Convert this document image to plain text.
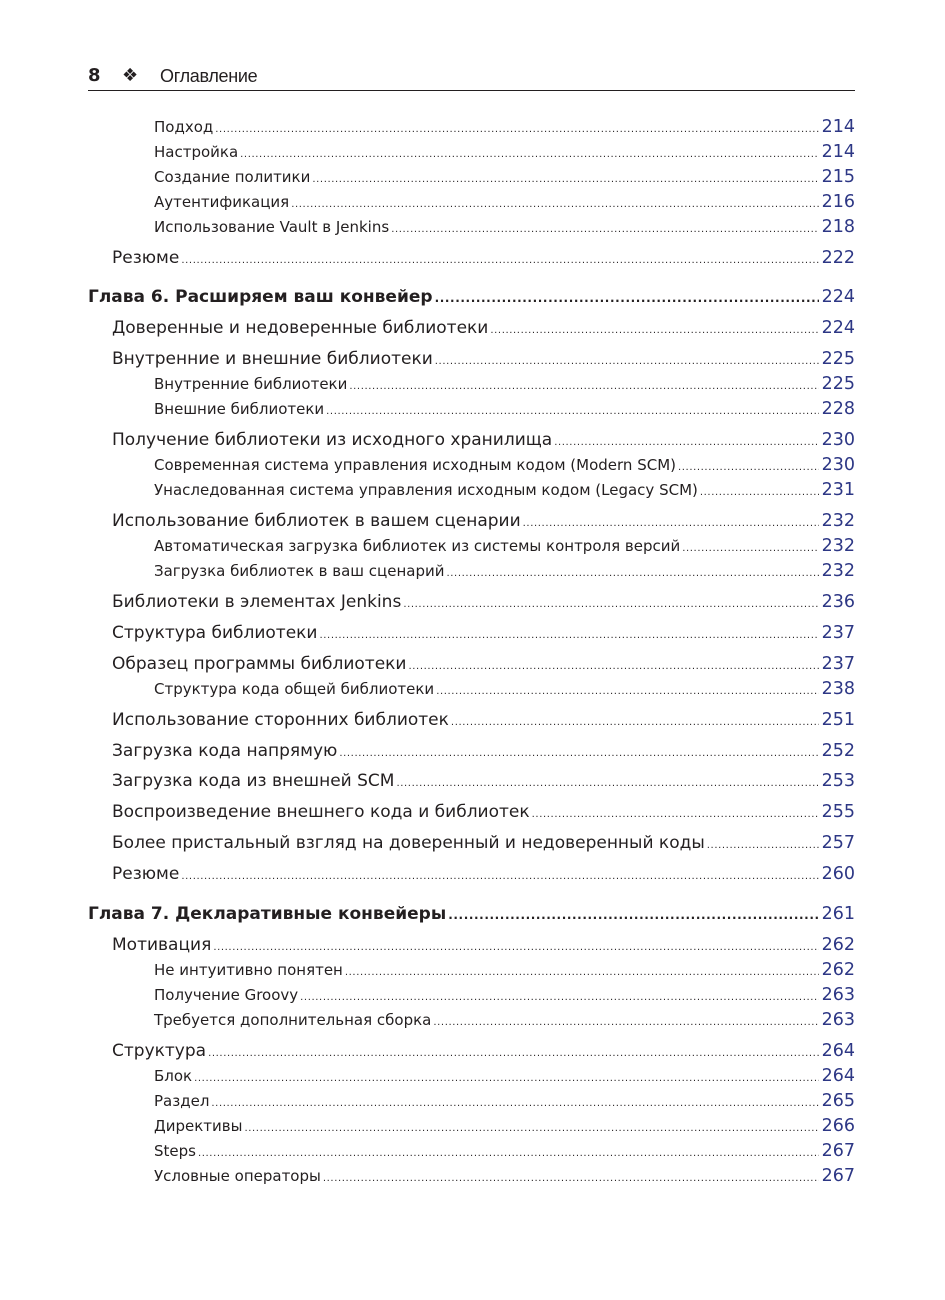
8 ❖ Оглавление
Подход .....	214
Настройка .....	214
Создание политики .....	215
Аутентификация .....	216
Использование Vault в Jenkins .....	218
Резюме .....	222
Глава 6. Расширяем ваш конвейер .....	224
Доверенные и недоверенные библиотеки .....	224
Внутренние и внешние библиотеки .....	225
Внутренние библиотеки .....	225
Внешние библиотеки .....	228
Получение библиотеки из исходного хранилища .....	230
Современная система управления исходным кодом (Modern SCM) .....	230
Унаследованная система управления исходным кодом (Legacy SCM) .....	231
Использование библиотек в вашем сценарии .....	232
Автоматическая загрузка библиотек из системы контроля версий .....	232
Загрузка библиотек в ваш сценарий .....	232
Библиотеки в элементах Jenkins .....	236
Структура библиотеки .....	237
Образец программы библиотеки .....	237
Структура кода общей библиотеки .....	238
Использование сторонних библиотек .....	251
Загрузка кода напрямую .....	252
Загрузка кода из внешней SCM .....	253
Воспроизведение внешнего кода и библиотек .....	255
Более пристальный взгляд на доверенный и недоверенный коды .....	257
Резюме .....	260
Глава 7. Декларативные конвейеры .....	261
Мотивация .....	262
Не интуитивно понятен .....	262
Получение Groovy .....	263
Требуется дополнительная сборка .....	263
Структура .....	264
Блок .....	264
Раздел .....	265
Директивы .....	266
Steps .....	267
Условные операторы .....	267
